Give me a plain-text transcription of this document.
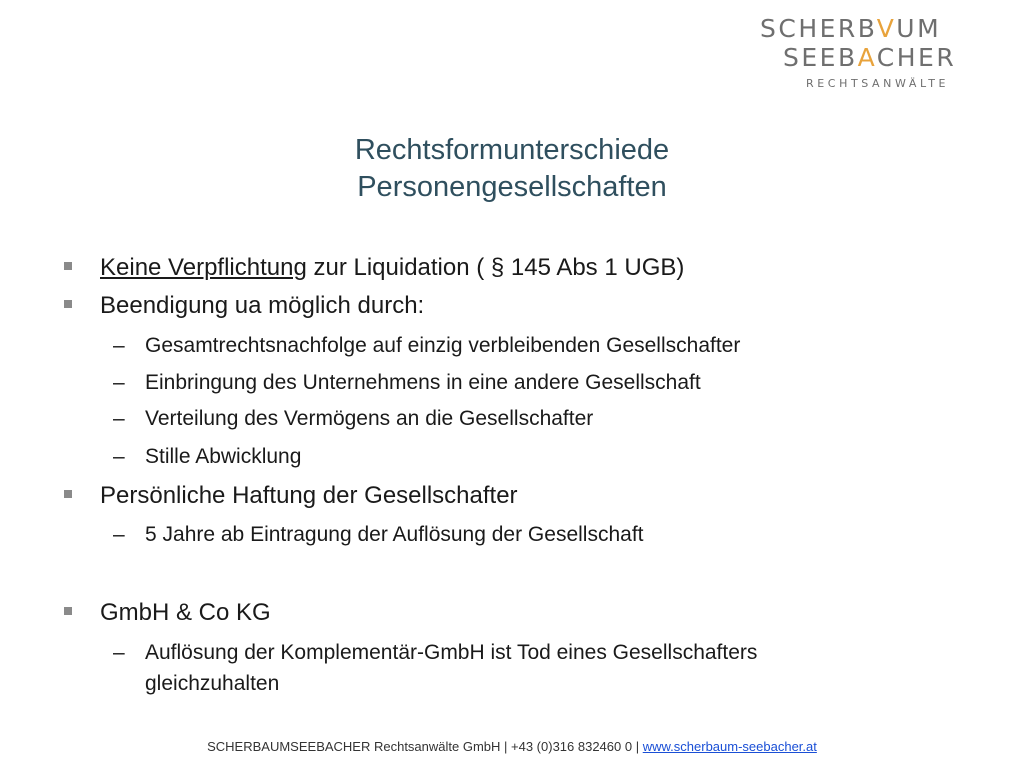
SCHERBVUM
SEEBACHER
RECHTSANWÄLTE
Rechtsformunterschiede
Personengesellschaften
Keine Verpflichtung zur Liquidation ( § 145 Abs 1 UGB)
Beendigung ua möglich durch:
– Gesamtrechtsnachfolge auf einzig verbleibenden Gesellschafter
– Einbringung des Unternehmens in eine andere Gesellschaft
– Verteilung des Vermögens an die Gesellschafter
– Stille Abwicklung
Persönliche Haftung der Gesellschafter
– 5 Jahre ab Eintragung der Auflösung der Gesellschaft
GmbH & Co KG
– Auflösung der Komplementär-GmbH ist Tod eines Gesellschafters
gleichzuhalten
SCHERBAUMSEEBACHER Rechtsanwälte GmbH | +43 (0)316 832460 0 | www.scherbaum-seebacher.at
